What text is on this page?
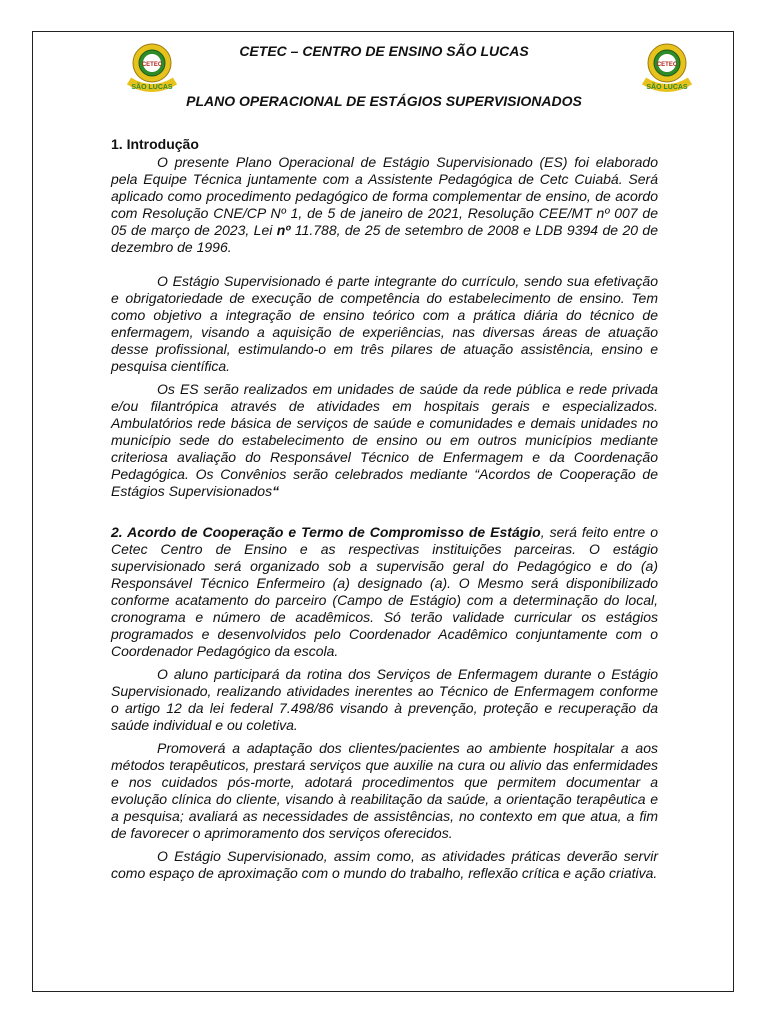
CETEC
SÃO LUCAS
CETEC
SÃO LUCAS
CETEC – CENTRO DE ENSINO SÃO LUCAS
PLANO OPERACIONAL DE ESTÁGIOS SUPERVISIONADOS
1. Introdução

O presente Plano Operacional de Estágio Supervisionado (ES) foi elaborado pela Equipe Técnica juntamente com a Assistente Pedagógica de Cetc Cuiabá. Será aplicado como procedimento pedagógico de forma complementar de ensino, de acordo com Resolução CNE/CP Nº 1, de 5 de janeiro de 2021, Resolução CEE/MT nº 007 de 05 de março de 2023, Lei nº 11.788, de 25 de setembro de 2008 e LDB 9394 de 20 de dezembro de 1996.

O Estágio Supervisionado é parte integrante do currículo, sendo sua efetivação e obrigatoriedade de execução de competência do estabelecimento de ensino. Tem como objetivo a integração de ensino teórico com a prática diária do técnico de enfermagem, visando a aquisição de experiências, nas diversas áreas de atuação desse profissional, estimulando-o em três pilares de atuação assistência, ensino e pesquisa científica.

Os ES serão realizados em unidades de saúde da rede pública e rede privada e/ou filantrópica através de atividades em hospitais gerais e especializados. Ambulatórios rede básica de serviços de saúde e comunidades e demais unidades no município sede do estabelecimento de ensino ou em outros municípios mediante criteriosa avaliação do Responsável Técnico de Enfermagem e da Coordenação Pedagógica. Os Convênios serão celebrados mediante “Acordos de Cooperação de Estágios Supervisionados“

2. Acordo de Cooperação e Termo de Compromisso de Estágio, será feito entre o Cetec Centro de Ensino e as respectivas instituições parceiras. O estágio supervisionado será organizado sob a supervisão geral do Pedagógico e do (a) Responsável Técnico Enfermeiro (a) designado (a). O Mesmo será disponibilizado conforme acatamento do parceiro (Campo de Estágio) com a determinação do local, cronograma e número de acadêmicos. Só terão validade curricular os estágios programados e desenvolvidos pelo Coordenador Acadêmico conjuntamente com o Coordenador Pedagógico da escola.

O aluno participará da rotina dos Serviços de Enfermagem durante o Estágio Supervisionado, realizando atividades inerentes ao Técnico de Enfermagem conforme o artigo 12 da lei federal 7.498/86 visando à prevenção, proteção e recuperação da saúde individual e ou coletiva.

Promoverá a adaptação dos clientes/pacientes ao ambiente hospitalar a aos métodos terapêuticos, prestará serviços que auxilie na cura ou alivio das enfermidades e nos cuidados pós-morte, adotará procedimentos que permitem documentar a evolução clínica do cliente, visando à reabilitação da saúde, a orientação terapêutica e a pesquisa; avaliará as necessidades de assistências, no contexto em que atua, a fim de favorecer o aprimoramento dos serviços oferecidos.

O Estágio Supervisionado, assim como, as atividades práticas deverão servir como espaço de aproximação com o mundo do trabalho, reflexão crítica e ação criativa.
